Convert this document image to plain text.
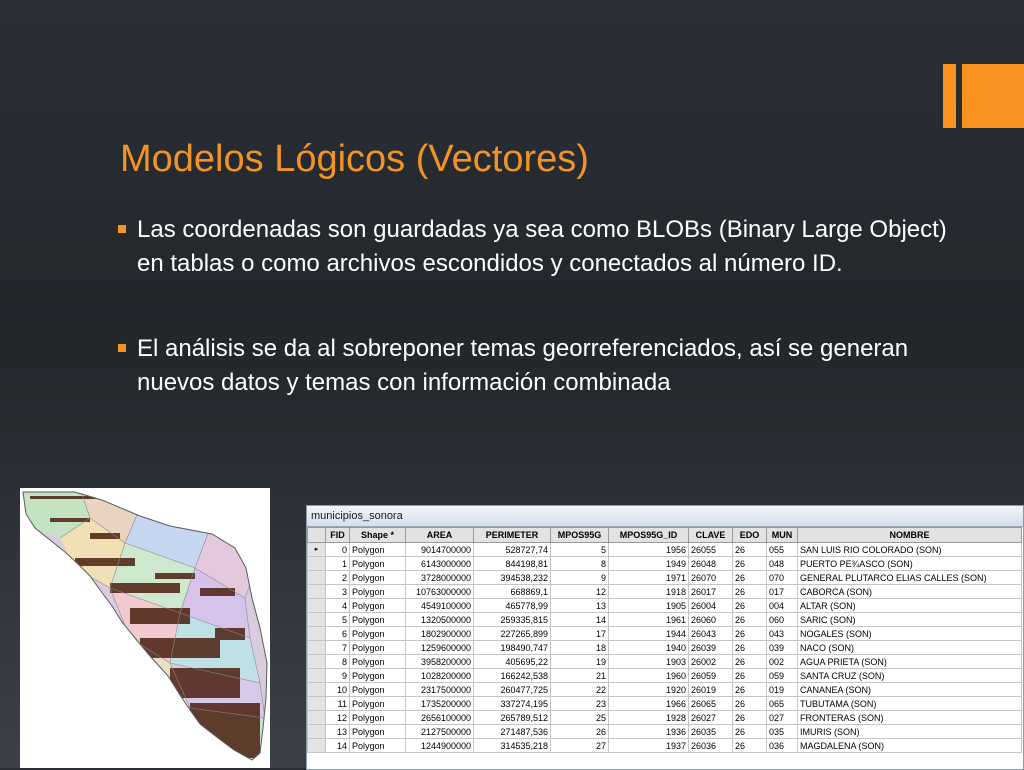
Modelos Lógicos (Vectores)
Las coordenadas son guardadas ya sea como BLOBs (Binary Large Object) en tablas o como archivos escondidos y conectados al número ID.
El análisis se da al sobreponer temas georreferenciados, así se generan nuevos datos y temas con información combinada
municipios_sonora
	FID	Shape *	AREA	PERIMETER	MPOS95G	MPOS95G_ID	CLAVE	EDO	MUN	NOMBRE
▸	0	Polygon	9014700000	528727,74	5	1956	26055	26	055	SAN LUIS RIO COLORADO (SON)
	1	Polygon	6143000000	844198,81	8	1949	26048	26	048	PUERTO PE¾ASCO (SON)
	2	Polygon	3728000000	394538,232	9	1971	26070	26	070	GENERAL PLUTARCO ELIAS CALLES (SON)
	3	Polygon	10763000000	668869,1	12	1918	26017	26	017	CABORCA (SON)
	4	Polygon	4549100000	465778,99	13	1905	26004	26	004	ALTAR (SON)
	5	Polygon	1320500000	259335,815	14	1961	26060	26	060	SARIC (SON)
	6	Polygon	1802900000	227265,899	17	1944	26043	26	043	NOGALES (SON)
	7	Polygon	1259600000	198490,747	18	1940	26039	26	039	NACO (SON)
	8	Polygon	3958200000	405695,22	19	1903	26002	26	002	AGUA PRIETA (SON)
	9	Polygon	1028200000	166242,538	21	1960	26059	26	059	SANTA CRUZ (SON)
	10	Polygon	2317500000	260477,725	22	1920	26019	26	019	CANANEA (SON)
	11	Polygon	1735200000	337274,195	23	1966	26065	26	065	TUBUTAMA (SON)
	12	Polygon	2656100000	265789,512	25	1928	26027	26	027	FRONTERAS (SON)
	13	Polygon	2127500000	271487,536	26	1936	26035	26	035	IMURIS (SON)
	14	Polygon	1244900000	314535,218	27	1937	26036	26	036	MAGDALENA (SON)
